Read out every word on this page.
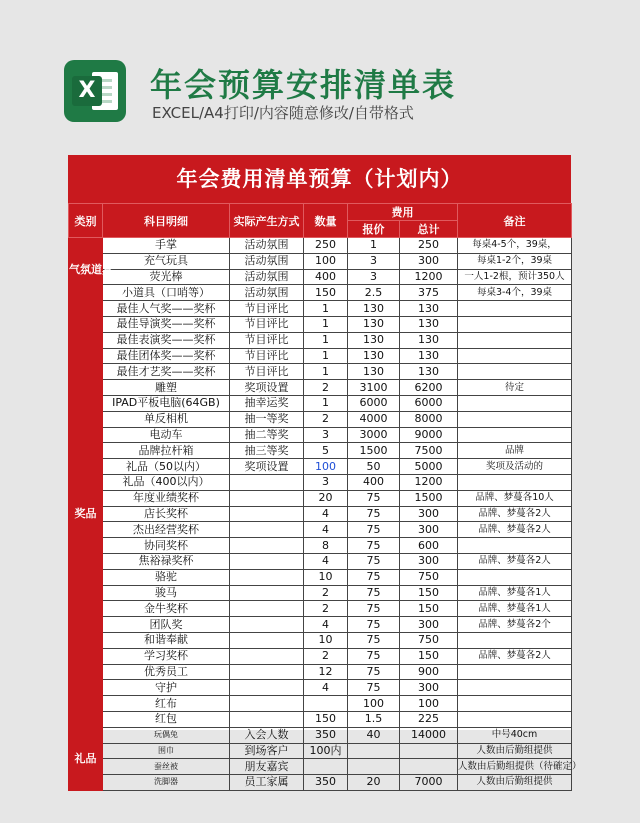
X 年会预算安排清单表
EXCEL/A4打印/内容随意修改/自带格式
年会费用清单预算（计划内）
类别	科目明细	实际产生方式	数量	费用		备注
				报价	总计	
气氛道具	手掌	活动氛围	250	1	250	每桌4-5个，39桌，
	充气玩具	活动氛围	100	3	300	每桌1-2个，39桌
	荧光棒	活动氛围	400	3	1200	一人1-2根，预计350人
	小道具（口哨等）	活动氛围	150	2.5	375	每桌3-4个，39桌
奖品	最佳人气奖——奖杯	节目评比	1	130	130	
	最佳导演奖——奖杯	节目评比	1	130	130	
	最佳表演奖——奖杯	节目评比	1	130	130	
	最佳团体奖——奖杯	节目评比	1	130	130	
	最佳才艺奖——奖杯	节目评比	1	130	130	
	雕塑	奖项设置	2	3100	6200	待定
	IPAD平板电脑(64GB)	抽幸运奖	1	6000	6000	
	单反相机	抽一等奖	2	4000	8000	
	电动车	抽二等奖	3	3000	9000	
	品牌拉杆箱	抽三等奖	5	1500	7500	品牌
	礼品（50以内）	奖项设置	100	50	5000	奖项及活动的
	礼品（400以内）		3	400	1200	
	年度业绩奖杯		20	75	1500	品牌、梦蔓各10人
	店长奖杯		4	75	300	品牌、梦蔓各2人
	杰出经营奖杯		4	75	300	品牌、梦蔓各2人
	协同奖杯		8	75	600	
	焦裕禄奖杯		4	75	300	品牌、梦蔓各2人
	骆驼		10	75	750	
	骏马		2	75	150	品牌、梦蔓各1人
	金牛奖杯		2	75	150	品牌、梦蔓各1人
	团队奖		4	75	300	品牌、梦蔓各2个
	和谐奉献		10	75	750	
	学习奖杯		2	75	150	品牌、梦蔓各2人
	优秀员工		12	75	900	
	守护		4	75	300	
	红布			100	100	
	红包		150	1.5	225	
礼品	玩偶兔	入会人数	350	40	14000	中号40cm
	围巾	到场客户	100内			人数由后勤组提供
	蚕丝被	朋友嘉宾				人数由后勤组提供（待確定）
	洗脚器	员工家属	350	20	7000	人数由后勤组提供
